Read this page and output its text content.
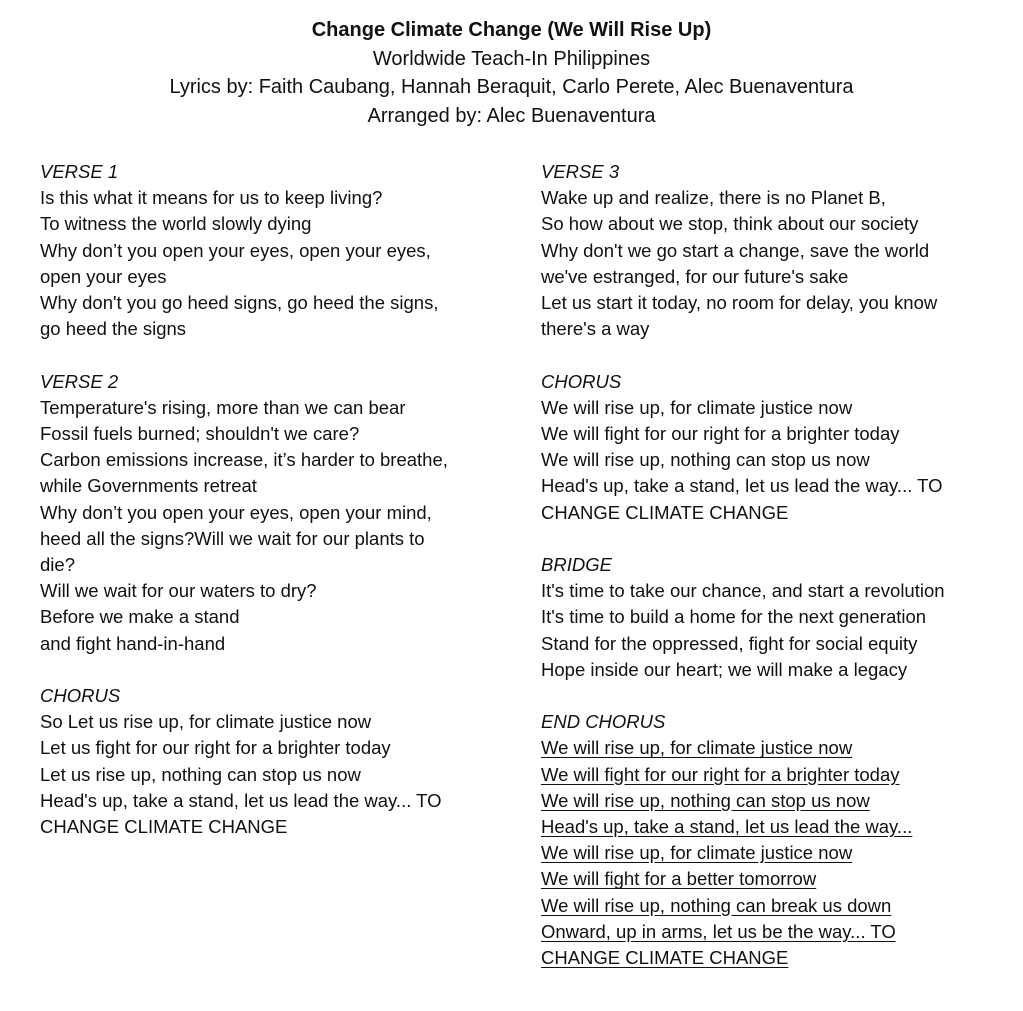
Change Climate Change (We Will Rise Up)
Worldwide Teach-In Philippines
Lyrics by: Faith Caubang, Hannah Beraquit, Carlo Perete, Alec Buenaventura
Arranged by: Alec Buenaventura
VERSE 1
Is this what it means for us to keep living?
To witness the world slowly dying
Why don’t you open your eyes, open your eyes,
open your eyes
Why don't you go heed signs, go heed the signs,
go heed the signs
VERSE 2
Temperature's rising, more than we can bear
Fossil fuels burned; shouldn't we care?
Carbon emissions increase, it’s harder to breathe,
while Governments retreat
Why don’t you open your eyes, open your mind,
heed all the signs?Will we wait for our plants to
die?
Will we wait for our waters to dry?
Before we make a stand
and fight hand-in-hand
CHORUS
So Let us rise up, for climate justice now
Let us fight for our right for a brighter today
Let us rise up, nothing can stop us now
Head's up, take a stand, let us lead the way... TO
CHANGE CLIMATE CHANGE
VERSE 3
Wake up and realize, there is no Planet B,
So how about we stop, think about our society
Why don't we go start a change, save the world
we've estranged, for our future's sake
Let us start it today, no room for delay, you know
there's a way
CHORUS
We will rise up, for climate justice now
We will fight for our right for a brighter today
We will rise up, nothing can stop us now
Head's up, take a stand, let us lead the way... TO
CHANGE CLIMATE CHANGE
BRIDGE
It's time to take our chance, and start a revolution
It's time to build a home for the next generation
Stand for the oppressed, fight for social equity
Hope inside our heart; we will make a legacy
END CHORUS
We will rise up, for climate justice now
We will fight for our right for a brighter today
We will rise up, nothing can stop us now
Head's up, take a stand, let us lead the way...
We will rise up, for climate justice now
We will fight for a better tomorrow
We will rise up, nothing can break us down
Onward, up in arms, let us be the way... TO
CHANGE CLIMATE CHANGE
